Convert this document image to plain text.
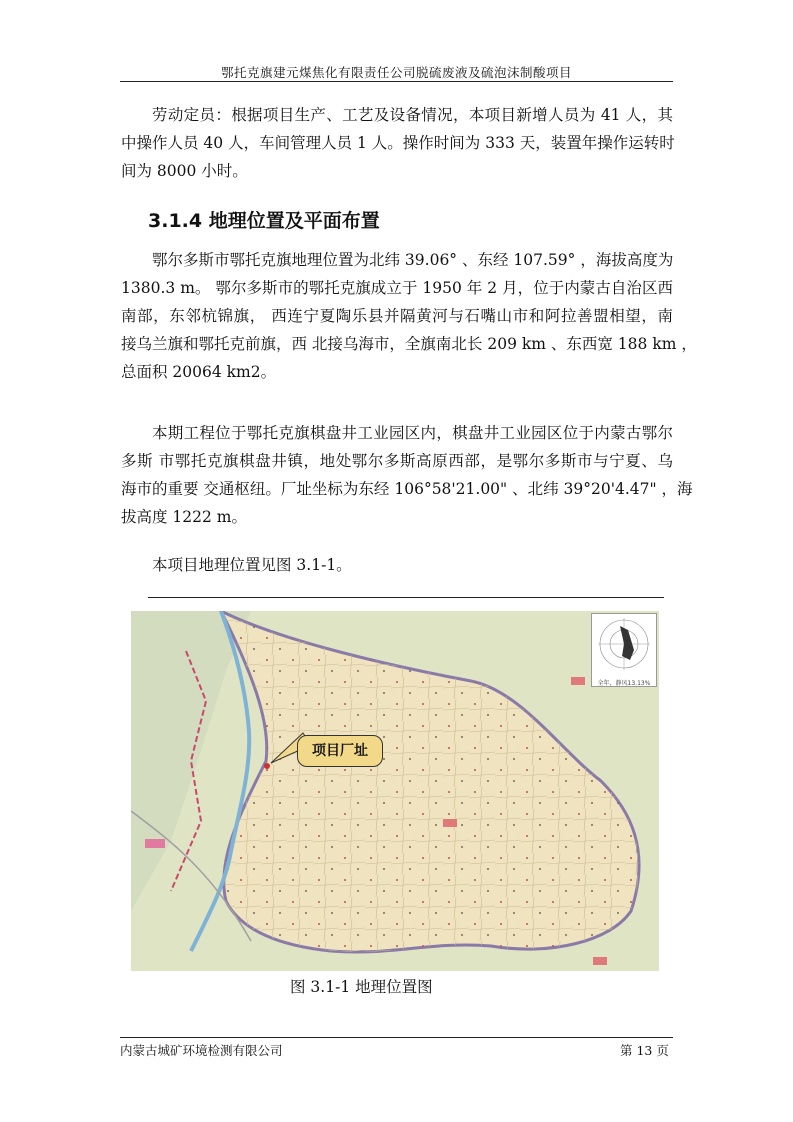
鄂托克旗建元煤焦化有限责任公司脱硫废液及硫泡沫制酸项目
劳动定员：根据项目生产、工艺及设备情况，本项目新增人员为 41 人，其
中操作人员 40 人，车间管理人员 1 人。操作时间为 333 天，装置年操作运转时
间为 8000 小时。
3.1.4 地理位置及平面布置
鄂尔多斯市鄂托克旗地理位置为北纬 39.06° 、东经 107.59° ，海拔高度为
1380.3 m。 鄂尔多斯市的鄂托克旗成立于 1950 年 2 月，位于内蒙古自治区西
南部，东邻杭锦旗， 西连宁夏陶乐县并隔黄河与石嘴山市和阿拉善盟相望，南
接乌兰旗和鄂托克前旗，西 北接乌海市，全旗南北长 209 km 、东西宽 188 km ，
总面积 20064 km2。
本期工程位于鄂托克旗棋盘井工业园区内，棋盘井工业园区位于内蒙古鄂尔
多斯 市鄂托克旗棋盘井镇，地处鄂尔多斯高原西部，是鄂尔多斯市与宁夏、乌
海市的重要 交通枢纽。厂址坐标为东经 106°58'21.00" 、北纬 39°20'4.47" ，海
拔高度 1222 m。
本项目地理位置见图 3.1-1。
全年，静风13.13%
项目厂址
图 3.1-1 地理位置图
内蒙古城矿环境检测有限公司	第 13 页
